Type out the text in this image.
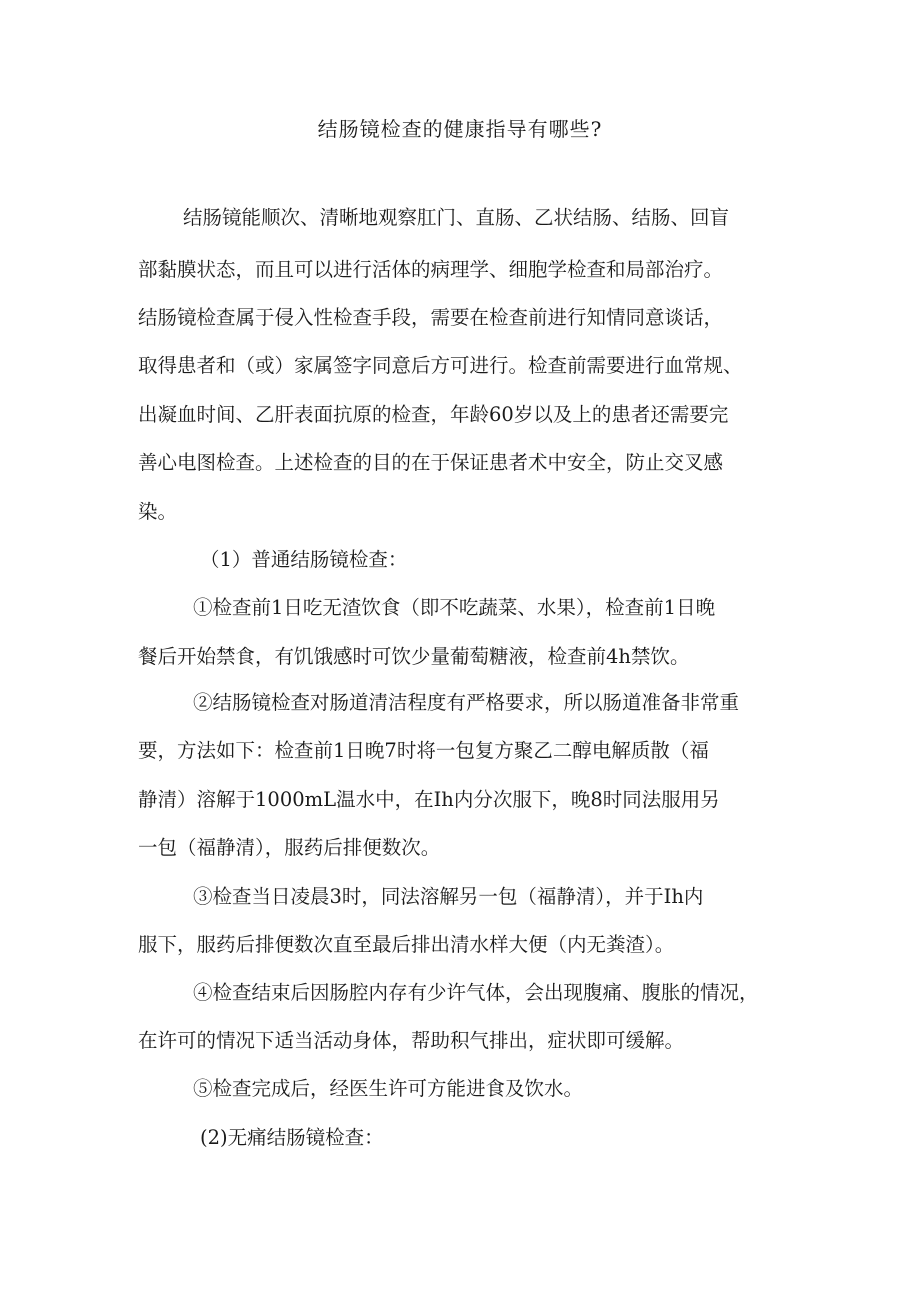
结肠镜检查的健康指导有哪些?

结肠镜能顺次、清晰地观察肛门、直肠、乙状结肠、结肠、回盲

部黏膜状态，而且可以进行活体的病理学、细胞学检查和局部治疗。

结肠镜检查属于侵入性检查手段，需要在检查前进行知情同意谈话，

取得患者和（或）家属签字同意后方可进行。检查前需要进行血常规、

出凝血时间、乙肝表面抗原的检查，年龄60岁以及上的患者还需要完

善心电图检查。上述检查的目的在于保证患者术中安全，防止交叉感

染。

（1）普通结肠镜检查：

①检查前1日吃无渣饮食（即不吃蔬菜、水果），检查前1日晚

餐后开始禁食，有饥饿感时可饮少量葡萄糖液，检查前4h禁饮。

②结肠镜检查对肠道清洁程度有严格要求，所以肠道准备非常重

要，方法如下：检查前1日晚7时将一包复方聚乙二醇电解质散（福

静清）溶解于1000mL温水中，在Ih内分次服下，晚8时同法服用另

一包（福静清），服药后排便数次。

③检查当日凌晨3时，同法溶解另一包（福静清），并于Ih内

服下，服药后排便数次直至最后排出清水样大便（内无粪渣）。

④检查结束后因肠腔内存有少许气体，会出现腹痛、腹胀的情况，

在许可的情况下适当活动身体，帮助积气排出，症状即可缓解。

⑤检查完成后，经医生许可方能进食及饮水。

(2)无痛结肠镜检查：
